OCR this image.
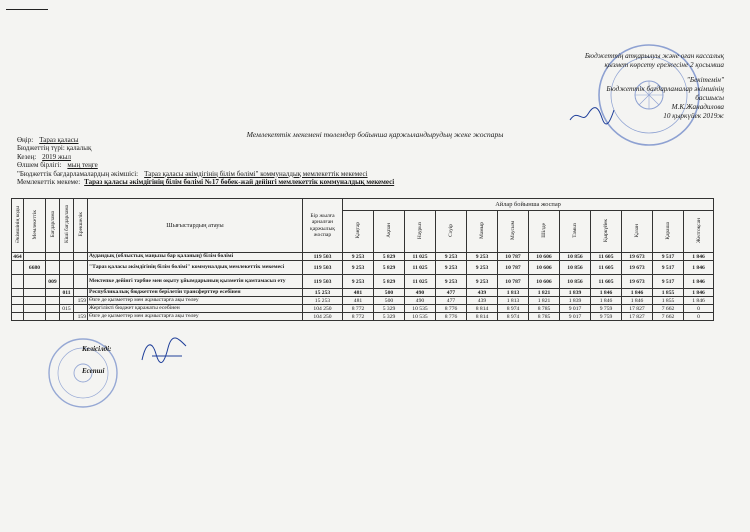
Бюджеттің атқарылуы және оған кассалық
қызмет көрсету ережесіне 2 қосымша
"Бекітемін"
Бюджеттік бағдарламалар әкімшінің
басшысы
М.К.Жанадилова
10 қыркүйек 2019ж
Мемлекеттік мекемені төлемдер бойынша қаржыландырудың жеке жоспары
Өңір: Тараз қаласы
Бюджеттің түрі: қалалық
Кезең: 2019 жыл
Өлшем бірлігі: мың теңге
"Бюджеттік бағдарламалардың әкімшісі: Тараз қаласы әкімдігінің білім бөлімі" коммуналдық мемлекеттік мекемесі
Мемлекеттік мекеме: Тараз қаласы әкімдігінің білім бөлімі №17 бөбек-жай дейінгі мемлекеттік коммуналдық мекемесі
Әкімшінің коды	Мемлекеттік	Бағдарлама	Кіші бағдарлама	Ерекшелік	Шығыстардың атауы	Бір жылға арналған қаржылық жоспар	Айлар бойынша жоспар											
							Қаңтар	Ақпан	Наурыз	Сәуір	Мамыр	Маусым	Шілде	Тамыз	Қыркүйек	Қазан	Қараша	Желтоқсан
464					Аудандық (облыстық маңызы бар қаланың) білім бөлімі	119 503	9 253	5 829	11 025	9 253	9 253	10 787	10 606	10 856	11 605	19 673	9 517	1 846
	6680				"Тараз қаласы әкімдігінің білім бөлімі" коммуналдық мемлекеттік мекемесі	119 503	9 253	5 829	11 025	9 253	9 253	10 787	10 606	10 856	11 605	19 673	9 517	1 846
		009			Мектепке дейінгі тәрбие мен оқыту ұйымдарының қызметін қамтамасыз ету	119 503	9 253	5 829	11 025	9 253	9 253	10 787	10 606	10 856	11 605	19 673	9 517	1 846
			011		Республикалық бюджеттен берілетін трансферттер есебінен	15 253	481	500	490	477	439	1 813	1 821	1 839	1 846	1 846	1 855	1 846
				159	Өзге де қызметтер мен жұмыстарға ақы төлеу	15 253	481	500	490	477	439	1 813	1 821	1 839	1 846	1 846	1 855	1 846
			015		Жергілікті бюджет қаражаты есебінен	104 250	8 772	5 329	10 535	8 776	8 814	8 974	8 785	9 017	9 759	17 827	7 662	0
				159	Өзге де қызметтер мен жұмыстарға ақы төлеу	104 250	8 772	5 329	10 535	8 776	8 814	8 974	8 785	9 017	9 759	17 827	7 662	0
Келісілді:
Есепші
